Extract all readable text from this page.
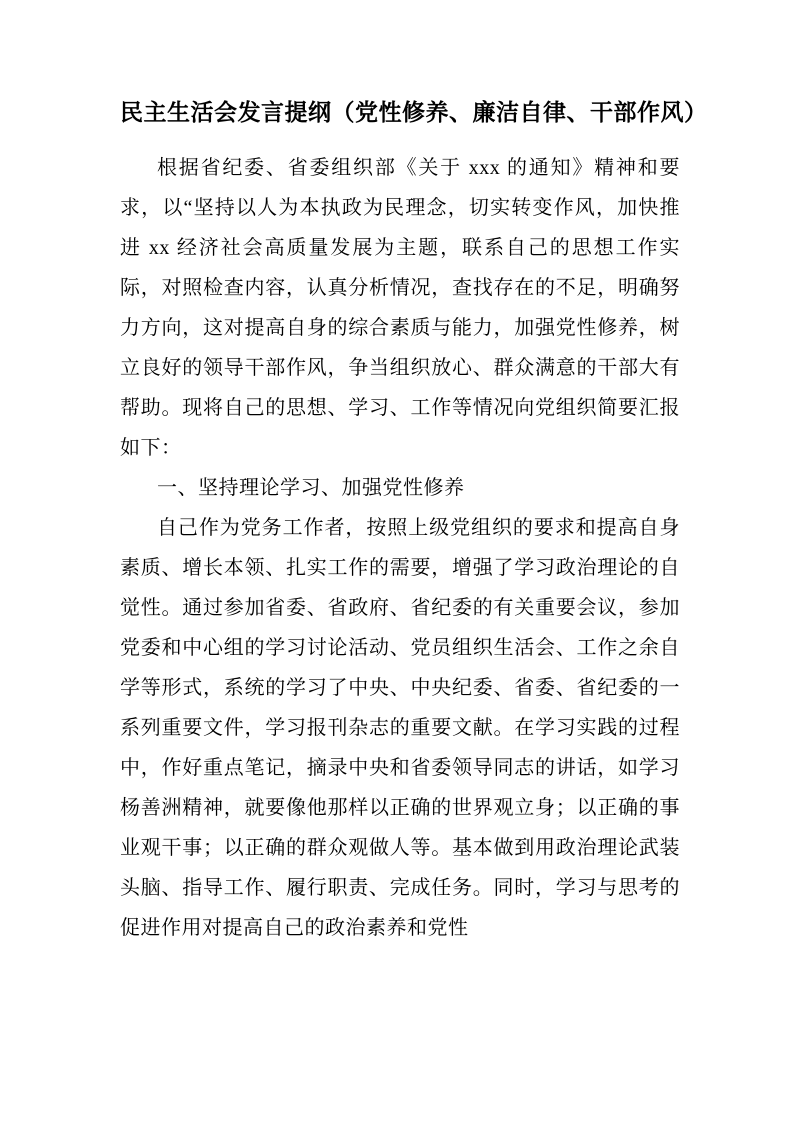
民主生活会发言提纲（党性修养、廉洁自律、干部作风）

根据省纪委、省委组织部《关于 xxx 的通知》精神和要求，以“坚持以人为本执政为民理念，切实转变作风，加快推进 xx 经济社会高质量发展为主题，联系自己的思想工作实际，对照检查内容，认真分析情况，查找存在的不足，明确努力方向，这对提高自身的综合素质与能力，加强党性修养，树立良好的领导干部作风，争当组织放心、群众满意的干部大有帮助。现将自己的思想、学习、工作等情况向党组织简要汇报如下：

一、坚持理论学习、加强党性修养

自己作为党务工作者，按照上级党组织的要求和提高自身素质、增长本领、扎实工作的需要，增强了学习政治理论的自觉性。通过参加省委、省政府、省纪委的有关重要会议，参加党委和中心组的学习讨论活动、党员组织生活会、工作之余自学等形式，系统的学习了中央、中央纪委、省委、省纪委的一系列重要文件，学习报刊杂志的重要文献。在学习实践的过程中，作好重点笔记，摘录中央和省委领导同志的讲话，如学习杨善洲精神，就要像他那样以正确的世界观立身；以正确的事业观干事；以正确的群众观做人等。基本做到用政治理论武装头脑、指导工作、履行职责、完成任务。同时，学习与思考的促进作用对提高自己的政治素养和党性
